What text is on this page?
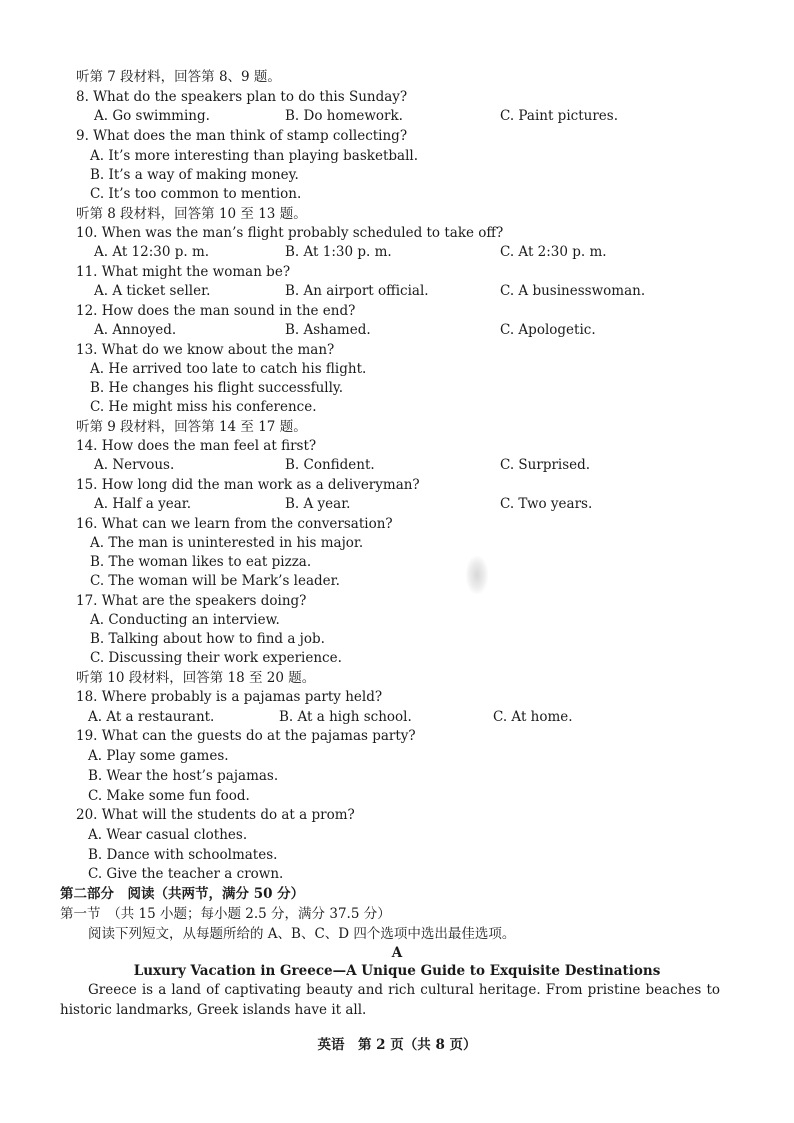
听第 7 段材料，回答第 8、9 题。
8. What do the speakers plan to do this Sunday?
A. Go swimming.	B. Do homework.	C. Paint pictures.
9. What does the man think of stamp collecting?
A. It’s more interesting than playing basketball.
B. It’s a way of making money.
C. It’s too common to mention.
听第 8 段材料，回答第 10 至 13 题。
10. When was the man’s flight probably scheduled to take off?
A. At 12:30 p. m.	B. At 1:30 p. m.	C. At 2:30 p. m.
11. What might the woman be?
A. A ticket seller.	B. An airport official.	C. A businesswoman.
12. How does the man sound in the end?
A. Annoyed.	B. Ashamed.	C. Apologetic.
13. What do we know about the man?
A. He arrived too late to catch his flight.
B. He changes his flight successfully.
C. He might miss his conference.
听第 9 段材料，回答第 14 至 17 题。
14. How does the man feel at first?
A. Nervous.	B. Confident.	C. Surprised.
15. How long did the man work as a deliveryman?
A. Half a year.	B. A year.	C. Two years.
16. What can we learn from the conversation?
A. The man is uninterested in his major.
B. The woman likes to eat pizza.
C. The woman will be Mark’s leader.
17. What are the speakers doing?
A. Conducting an interview.
B. Talking about how to find a job.
C. Discussing their work experience.
听第 10 段材料，回答第 18 至 20 题。
18. Where probably is a pajamas party held?
A. At a restaurant.	B. At a high school.	C. At home.
19. What can the guests do at the pajamas party?
A. Play some games.
B. Wear the host’s pajamas.
C. Make some fun food.
20. What will the students do at a prom?
A. Wear casual clothes.
B. Dance with schoolmates.
C. Give the teacher a crown.
第二部分　阅读（共两节，满分 50 分）
第一节　（共 15 小题；每小题 2.5 分，满分 37.5 分）
阅读下列短文，从每题所给的 A、B、C、D 四个选项中选出最佳选项。
A
Luxury Vacation in Greece—A Unique Guide to Exquisite Destinations
Greece is a land of captivating beauty and rich cultural heritage. From pristine beaches to historic landmarks, Greek islands have it all.
英语　第 2 页（共 8 页）
